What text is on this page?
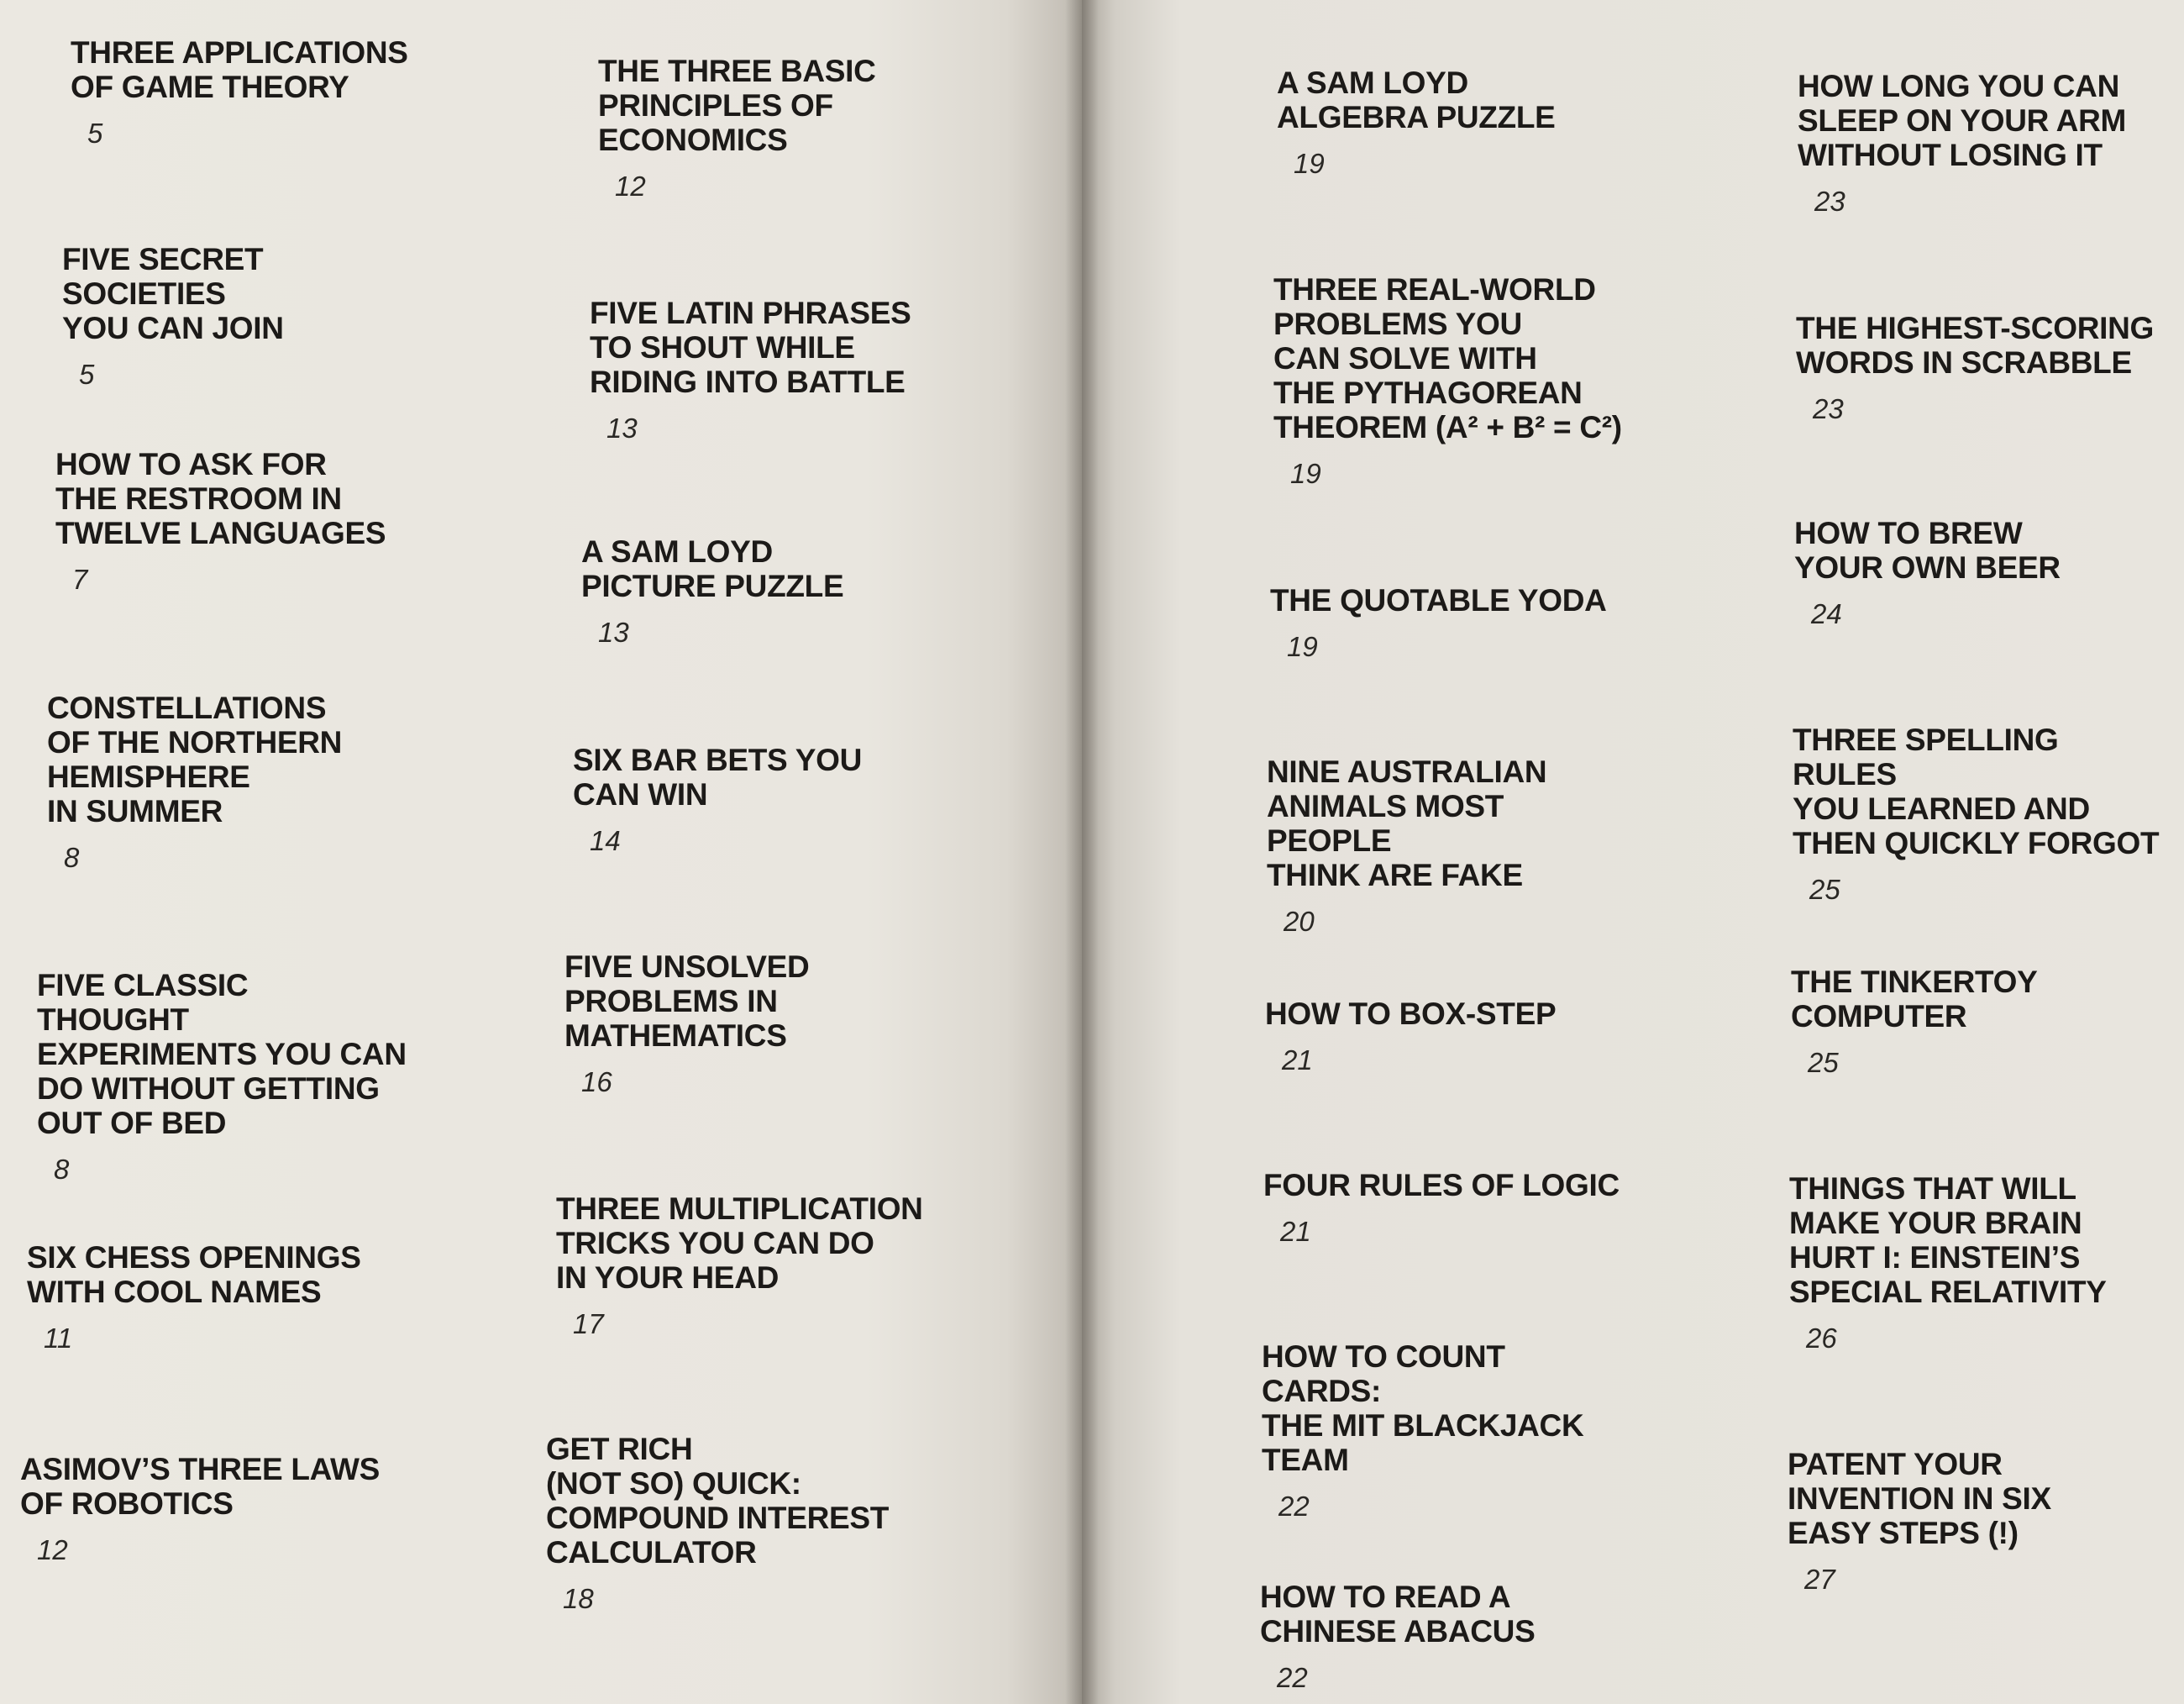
THREE APPLICATIONS
OF GAME THEORY
5
FIVE SECRET SOCIETIES
YOU CAN JOIN
5
HOW TO ASK FOR
THE RESTROOM IN
TWELVE LANGUAGES
7
CONSTELLATIONS
OF THE NORTHERN
HEMISPHERE
IN SUMMER
8
FIVE CLASSIC THOUGHT
EXPERIMENTS YOU CAN
DO WITHOUT GETTING
OUT OF BED
8
SIX CHESS OPENINGS
WITH COOL NAMES
11
ASIMOV’S THREE LAWS
OF ROBOTICS
12
THE THREE BASIC
PRINCIPLES OF
ECONOMICS
12
FIVE LATIN PHRASES
TO SHOUT WHILE
RIDING INTO BATTLE
13
A SAM LOYD
PICTURE PUZZLE
13
SIX BAR BETS YOU
CAN WIN
14
FIVE UNSOLVED
PROBLEMS IN
MATHEMATICS
16
THREE MULTIPLICATION
TRICKS YOU CAN DO
IN YOUR HEAD
17
GET RICH
(NOT SO) QUICK:
COMPOUND INTEREST
CALCULATOR
18
A SAM LOYD
ALGEBRA PUZZLE
19
THREE REAL-WORLD
PROBLEMS YOU
CAN SOLVE WITH
THE PYTHAGOREAN
THEOREM (A² + B² = C²)
19
THE QUOTABLE YODA
19
NINE AUSTRALIAN
ANIMALS MOST PEOPLE
THINK ARE FAKE
20
HOW TO BOX-STEP
21
FOUR RULES OF LOGIC
21
HOW TO COUNT CARDS:
THE MIT BLACKJACK
TEAM
22
HOW TO READ A
CHINESE ABACUS
22
HOW LONG YOU CAN
SLEEP ON YOUR ARM
WITHOUT LOSING IT
23
THE HIGHEST-SCORING
WORDS IN SCRABBLE
23
HOW TO BREW
YOUR OWN BEER
24
THREE SPELLING RULES
YOU LEARNED AND
THEN QUICKLY FORGOT
25
THE TINKERTOY
COMPUTER
25
THINGS THAT WILL
MAKE YOUR BRAIN
HURT I: EINSTEIN’S
SPECIAL RELATIVITY
26
PATENT YOUR
INVENTION IN SIX
EASY STEPS (!)
27
